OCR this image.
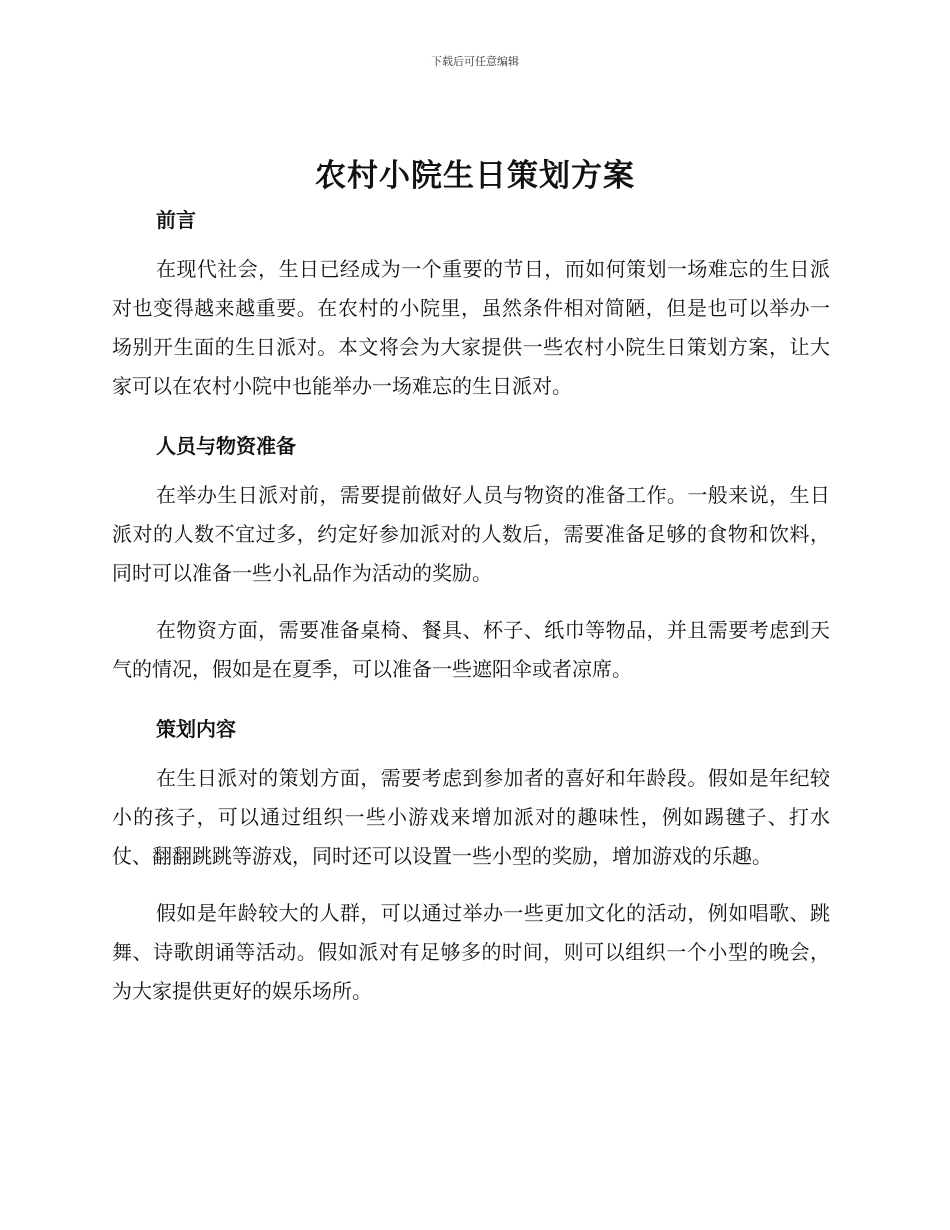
下载后可任意编辑
农村小院生日策划方案
前言

在现代社会，生日已经成为一个重要的节日，而如何策划一场难忘的生日派对也变得越来越重要。在农村的小院里，虽然条件相对简陋，但是也可以举办一场别开生面的生日派对。本文将会为大家提供一些农村小院生日策划方案，让大家可以在农村小院中也能举办一场难忘的生日派对。

人员与物资准备

在举办生日派对前，需要提前做好人员与物资的准备工作。一般来说，生日派对的人数不宜过多，约定好参加派对的人数后，需要准备足够的食物和饮料，同时可以准备一些小礼品作为活动的奖励。

在物资方面，需要准备桌椅、餐具、杯子、纸巾等物品，并且需要考虑到天气的情况，假如是在夏季，可以准备一些遮阳伞或者凉席。

策划内容

在生日派对的策划方面，需要考虑到参加者的喜好和年龄段。假如是年纪较小的孩子，可以通过组织一些小游戏来增加派对的趣味性，例如踢毽子、打水仗、翻翻跳跳等游戏，同时还可以设置一些小型的奖励，增加游戏的乐趣。

假如是年龄较大的人群，可以通过举办一些更加文化的活动，例如唱歌、跳舞、诗歌朗诵等活动。假如派对有足够多的时间，则可以组织一个小型的晚会，为大家提供更好的娱乐场所。
